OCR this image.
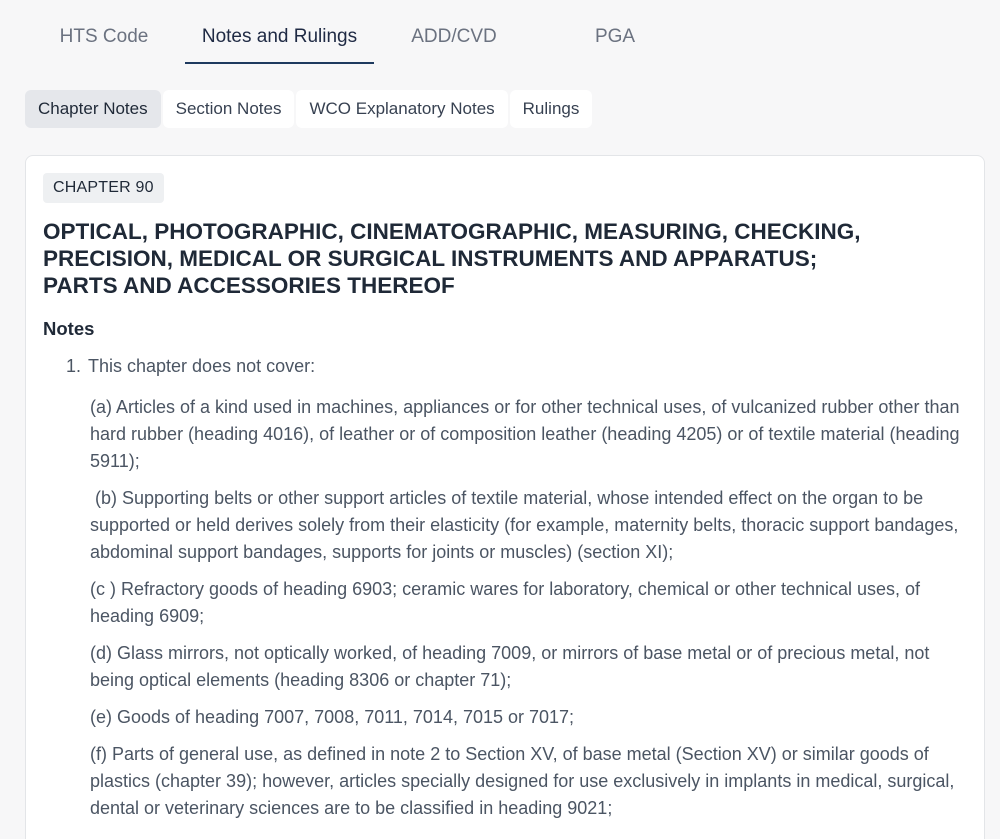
HTS Code	Notes and Rulings	ADD/CVD	PGA
Chapter Notes	Section Notes	WCO Explanatory Notes	Rulings
CHAPTER 90
OPTICAL, PHOTOGRAPHIC, CINEMATOGRAPHIC, MEASURING, CHECKING, PRECISION, MEDICAL OR SURGICAL INSTRUMENTS AND APPARATUS; PARTS AND ACCESSORIES THEREOF
Notes
1. This chapter does not cover:

(a) Articles of a kind used in machines, appliances or for other technical uses, of vulcanized rubber other than hard rubber (heading 4016), of leather or of composition leather (heading 4205) or of textile material (heading 5911);

(b) Supporting belts or other support articles of textile material, whose intended effect on the organ to be supported or held derives solely from their elasticity (for example, maternity belts, thoracic support bandages, abdominal support bandages, supports for joints or muscles) (section XI);

(c ) Refractory goods of heading 6903; ceramic wares for laboratory, chemical or other technical uses, of heading 6909;

(d) Glass mirrors, not optically worked, of heading 7009, or mirrors of base metal or of precious metal, not being optical elements (heading 8306 or chapter 71);

(e) Goods of heading 7007, 7008, 7011, 7014, 7015 or 7017;

(f) Parts of general use, as defined in note 2 to Section XV, of base metal (Section XV) or similar goods of plastics (chapter 39); however, articles specially designed for use exclusively in implants in medical, surgical, dental or veterinary sciences are to be classified in heading 9021;
